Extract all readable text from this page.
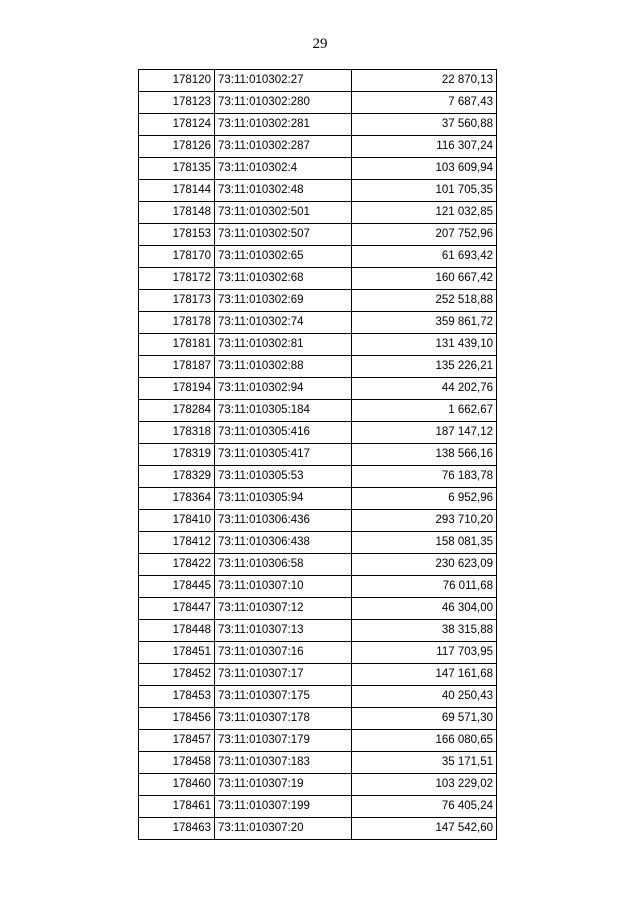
29
178120	73:11:010302:27	22 870,13
178123	73:11:010302:280	7 687,43
178124	73:11:010302:281	37 560,88
178126	73:11:010302:287	116 307,24
178135	73:11:010302:4	103 609,94
178144	73:11:010302:48	101 705,35
178148	73:11:010302:501	121 032,85
178153	73:11:010302:507	207 752,96
178170	73:11:010302:65	61 693,42
178172	73:11:010302:68	160 667,42
178173	73:11:010302:69	252 518,88
178178	73:11:010302:74	359 861,72
178181	73:11:010302:81	131 439,10
178187	73:11:010302:88	135 226,21
178194	73:11:010302:94	44 202,76
178284	73:11:010305:184	1 662,67
178318	73:11:010305:416	187 147,12
178319	73:11:010305:417	138 566,16
178329	73:11:010305:53	76 183,78
178364	73:11:010305:94	6 952,96
178410	73:11:010306:436	293 710,20
178412	73:11:010306:438	158 081,35
178422	73:11:010306:58	230 623,09
178445	73:11:010307:10	76 011,68
178447	73:11:010307:12	46 304,00
178448	73:11:010307:13	38 315,88
178451	73:11:010307:16	117 703,95
178452	73:11:010307:17	147 161,68
178453	73:11:010307:175	40 250,43
178456	73:11:010307:178	69 571,30
178457	73:11:010307:179	166 080,65
178458	73:11:010307:183	35 171,51
178460	73:11:010307:19	103 229,02
178461	73:11:010307:199	76 405,24
178463	73:11:010307:20	147 542,60
